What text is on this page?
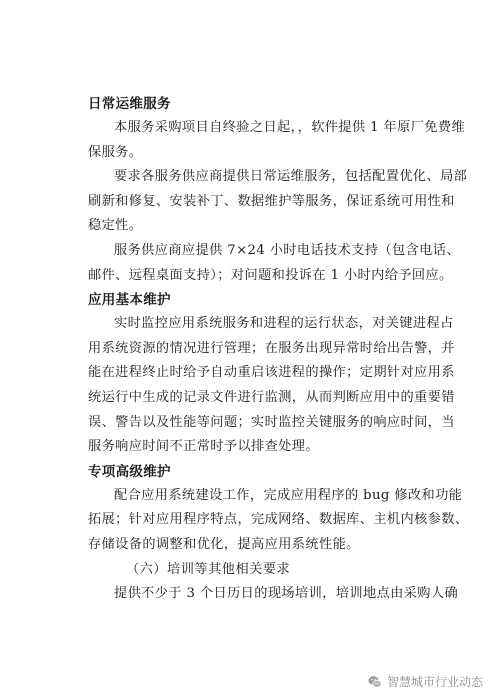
日常运维服务

本服务采购项目自终验之日起，，软件提供 1 年原厂免费维
保服务。

要求各服务供应商提供日常运维服务，包括配置优化、局部
刷新和修复、安装补丁、数据维护等服务，保证系统可用性和
稳定性。

服务供应商应提供 7×24 小时电话技术支持（包含电话、
邮件、远程桌面支持）；对问题和投诉在 1 小时内给予回应。

应用基本维护

实时监控应用系统服务和进程的运行状态，对关键进程占
用系统资源的情况进行管理；在服务出现异常时给出告警，并
能在进程终止时给予自动重启该进程的操作；定期针对应用系
统运行中生成的记录文件进行监测，从而判断应用中的重要错
误、警告以及性能等问题；实时监控关键服务的响应时间，当
服务响应时间不正常时予以排查处理。

专项高级维护

配合应用系统建设工作，完成应用程序的 bug 修改和功能
拓展；针对应用程序特点，完成网络、数据库、主机内核参数、
存储设备的调整和优化，提高应用系统性能。

（六）培训等其他相关要求

提供不少于 3 个日历日的现场培训，培训地点由采购人确

智慧城市行业动态
